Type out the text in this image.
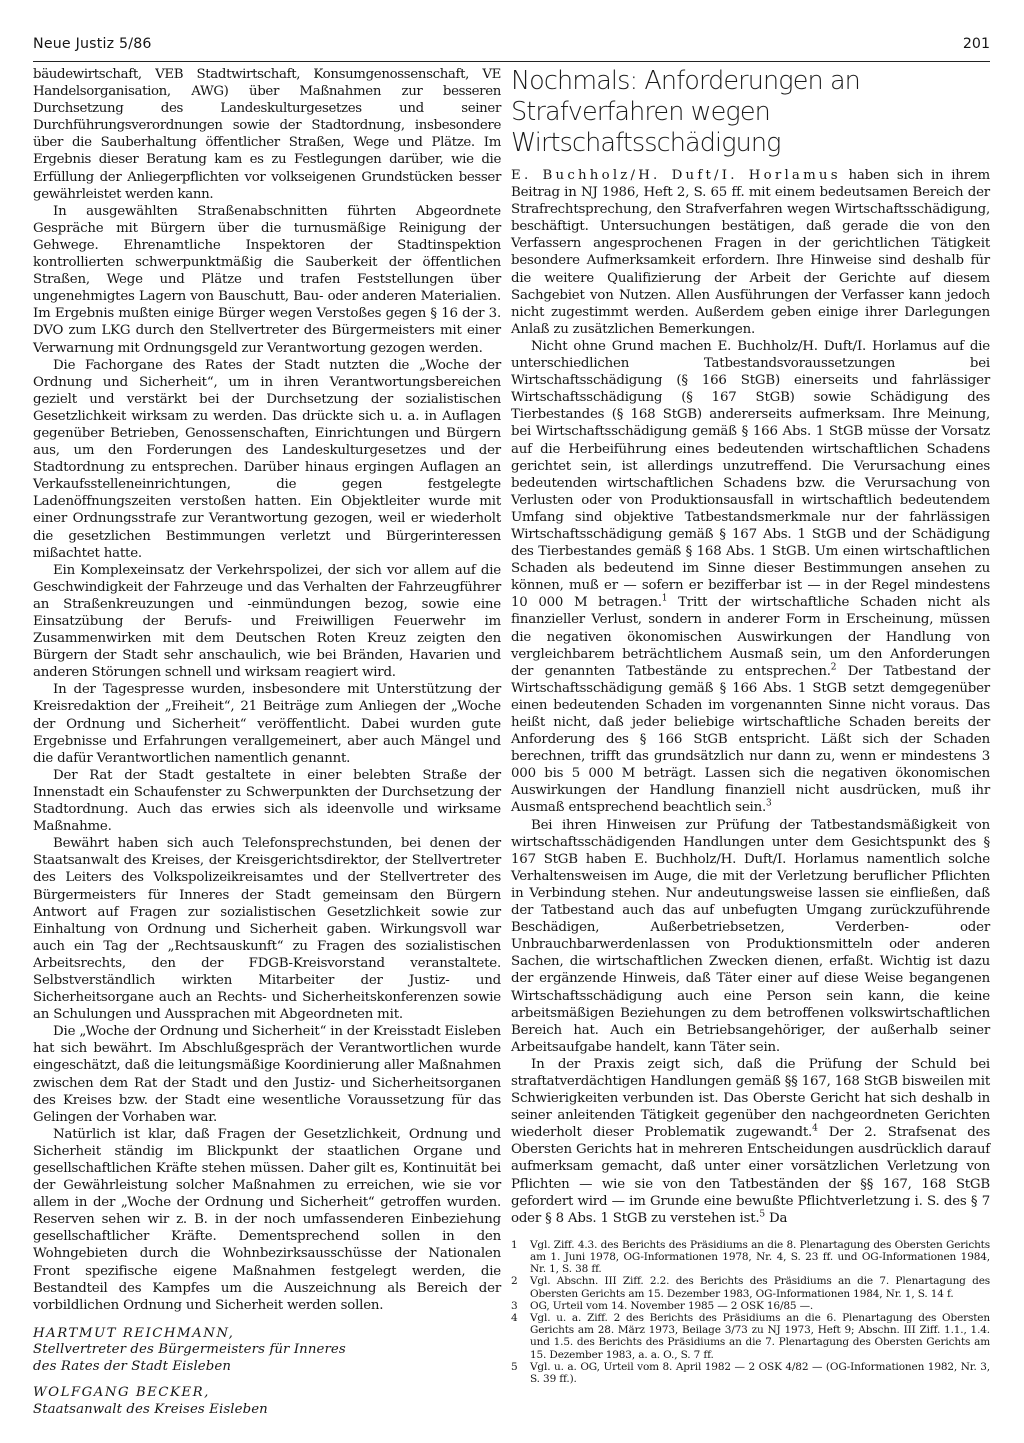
Neue Justiz 5/86	201

bäudewirtschaft, VEB Stadtwirtschaft, Konsumgenossenschaft, VE Handelsorganisation, AWG) über Maßnahmen zur besseren Durchsetzung des Landeskulturgesetzes und seiner Durchführungsverordnungen sowie der Stadtordnung, insbesondere über die Sauberhaltung öffentlicher Straßen, Wege und Plätze. Im Ergebnis dieser Beratung kam es zu Festlegungen darüber, wie die Erfüllung der Anliegerpflichten vor volkseigenen Grundstücken besser gewährleistet werden kann.

In ausgewählten Straßenabschnitten führten Abgeordnete Gespräche mit Bürgern über die turnusmäßige Reinigung der Gehwege. Ehrenamtliche Inspektoren der Stadtinspektion kontrollierten schwerpunktmäßig die Sauberkeit der öffentlichen Straßen, Wege und Plätze und trafen Feststellungen über ungenehmigtes Lagern von Bauschutt, Bau- oder anderen Materialien. Im Ergebnis mußten einige Bürger wegen Verstoßes gegen § 16 der 3. DVO zum LKG durch den Stellvertreter des Bürgermeisters mit einer Verwarnung mit Ordnungsgeld zur Verantwortung gezogen werden.

Die Fachorgane des Rates der Stadt nutzten die „Woche der Ordnung und Sicherheit“, um in ihren Verantwortungsbereichen gezielt und verstärkt bei der Durchsetzung der sozialistischen Gesetzlichkeit wirksam zu werden. Das drückte sich u. a. in Auflagen gegenüber Betrieben, Genossenschaften, Einrichtungen und Bürgern aus, um den Forderungen des Landeskulturgesetzes und der Stadtordnung zu entsprechen. Darüber hinaus ergingen Auflagen an Verkaufsstelleneinrichtungen, die gegen festgelegte Ladenöffnungszeiten verstoßen hatten. Ein Objektleiter wurde mit einer Ordnungsstrafe zur Verantwortung gezogen, weil er wiederholt die gesetzlichen Bestimmungen verletzt und Bürgerinteressen mißachtet hatte.

Ein Komplexeinsatz der Verkehrspolizei, der sich vor allem auf die Geschwindigkeit der Fahrzeuge und das Verhalten der Fahrzeugführer an Straßenkreuzungen und -einmündungen bezog, sowie eine Einsatzübung der Berufs- und Freiwilligen Feuerwehr im Zusammenwirken mit dem Deutschen Roten Kreuz zeigten den Bürgern der Stadt sehr anschaulich, wie bei Bränden, Havarien und anderen Störungen schnell und wirksam reagiert wird.

In der Tagespresse wurden, insbesondere mit Unterstützung der Kreisredaktion der „Freiheit“, 21 Beiträge zum Anliegen der „Woche der Ordnung und Sicherheit“ veröffentlicht. Dabei wurden gute Ergebnisse und Erfahrungen verallgemeinert, aber auch Mängel und die dafür Verantwortlichen namentlich genannt.

Der Rat der Stadt gestaltete in einer belebten Straße der Innenstadt ein Schaufenster zu Schwerpunkten der Durchsetzung der Stadtordnung. Auch das erwies sich als ideenvolle und wirksame Maßnahme.

Bewährt haben sich auch Telefonsprechstunden, bei denen der Staatsanwalt des Kreises, der Kreisgerichtsdirektor, der Stellvertreter des Leiters des Volkspolizeikreisamtes und der Stellvertreter des Bürgermeisters für Inneres der Stadt gemeinsam den Bürgern Antwort auf Fragen zur sozialistischen Gesetzlichkeit sowie zur Einhaltung von Ordnung und Sicherheit gaben. Wirkungsvoll war auch ein Tag der „Rechtsauskunft“ zu Fragen des sozialistischen Arbeitsrechts, den der FDGB-Kreisvorstand veranstaltete. Selbstverständlich wirkten Mitarbeiter der Justiz- und Sicherheitsorgane auch an Rechts- und Sicherheitskonferenzen sowie an Schulungen und Aussprachen mit Abgeordneten mit.

Die „Woche der Ordnung und Sicherheit“ in der Kreisstadt Eisleben hat sich bewährt. Im Abschlußgespräch der Verantwortlichen wurde eingeschätzt, daß die leitungsmäßige Koordinierung aller Maßnahmen zwischen dem Rat der Stadt und den Justiz- und Sicherheitsorganen des Kreises bzw. der Stadt eine wesentliche Voraussetzung für das Gelingen der Vorhaben war.

Natürlich ist klar, daß Fragen der Gesetzlichkeit, Ordnung und Sicherheit ständig im Blickpunkt der staatlichen Organe und gesellschaftlichen Kräfte stehen müssen. Daher gilt es, Kontinuität bei der Gewährleistung solcher Maßnahmen zu erreichen, wie sie vor allem in der „Woche der Ordnung und Sicherheit“ getroffen wurden. Reserven sehen wir z. B. in der noch umfassenderen Einbeziehung gesellschaftlicher Kräfte. Dementsprechend sollen in den Wohngebieten durch die Wohnbezirksausschüsse der Nationalen Front spezifische eigene Maßnahmen festgelegt werden, die Bestandteil des Kampfes um die Auszeichnung als Bereich der vorbildlichen Ordnung und Sicherheit werden sollen.

HARTMUT REICHMANN,

Stellvertreter des Bürgermeisters für Inneres

des Rates der Stadt Eisleben

WOLFGANG BECKER,

Staatsanwalt des Kreises Eisleben

Nochmals: Anforderungen an
Strafverfahren wegen Wirtschaftsschädigung

E. Buchholz/H. Duft/I. Horlamus haben sich in ihrem Beitrag in NJ 1986, Heft 2, S. 65 ff. mit einem bedeutsamen Bereich der Strafrechtsprechung, den Strafverfahren wegen Wirtschaftsschädigung, beschäftigt. Untersuchungen bestätigen, daß gerade die von den Verfassern angesprochenen Fragen in der gerichtlichen Tätigkeit besondere Aufmerksamkeit erfordern. Ihre Hinweise sind deshalb für die weitere Qualifizierung der Arbeit der Gerichte auf diesem Sachgebiet von Nutzen. Allen Ausführungen der Verfasser kann jedoch nicht zugestimmt werden. Außerdem geben einige ihrer Darlegungen Anlaß zu zusätzlichen Bemerkungen.

Nicht ohne Grund machen E. Buchholz/H. Duft/I. Horlamus auf die unterschiedlichen Tatbestandsvoraussetzungen bei Wirtschaftsschädigung (§ 166 StGB) einerseits und fahrlässiger Wirtschaftsschädigung (§ 167 StGB) sowie Schädigung des Tierbestandes (§ 168 StGB) andererseits aufmerksam. Ihre Meinung, bei Wirtschaftsschädigung gemäß § 166 Abs. 1 StGB müsse der Vorsatz auf die Herbeiführung eines bedeutenden wirtschaftlichen Schadens gerichtet sein, ist allerdings unzutreffend. Die Verursachung eines bedeutenden wirtschaftlichen Schadens bzw. die Verursachung von Verlusten oder von Produktionsausfall in wirtschaftlich bedeutendem Umfang sind objektive Tatbestandsmerkmale nur der fahrlässigen Wirtschaftsschädigung gemäß § 167 Abs. 1 StGB und der Schädigung des Tierbestandes gemäß § 168 Abs. 1 StGB. Um einen wirtschaftlichen Schaden als bedeutend im Sinne dieser Bestimmungen ansehen zu können, muß er — sofern er bezifferbar ist — in der Regel mindestens 10 000 M betragen.$^1$ Tritt der wirtschaftliche Schaden nicht als finanzieller Verlust, sondern in anderer Form in Erscheinung, müssen die negativen ökonomischen Auswirkungen der Handlung von vergleichbarem beträchtlichem Ausmaß sein, um den Anforderungen der genannten Tatbestände zu entsprechen.$^2$ Der Tatbestand der Wirtschaftsschädigung gemäß § 166 Abs. 1 StGB setzt demgegenüber einen bedeutenden Schaden im vorgenannten Sinne nicht voraus. Das heißt nicht, daß jeder beliebige wirtschaftliche Schaden bereits der Anforderung des § 166 StGB entspricht. Läßt sich der Schaden berechnen, trifft das grundsätzlich nur dann zu, wenn er mindestens 3 000 bis 5 000 M beträgt. Lassen sich die negativen ökonomischen Auswirkungen der Handlung finanziell nicht ausdrücken, muß ihr Ausmaß entsprechend beachtlich sein.$^3$

Bei ihren Hinweisen zur Prüfung der Tatbestandsmäßigkeit von wirtschaftsschädigenden Handlungen unter dem Gesichtspunkt des § 167 StGB haben E. Buchholz/H. Duft/I. Horlamus namentlich solche Verhaltensweisen im Auge, die mit der Verletzung beruflicher Pflichten in Verbindung stehen. Nur andeutungsweise lassen sie einfließen, daß der Tatbestand auch das auf unbefugten Umgang zurückzuführende Beschädigen, Außerbetriebsetzen, Verderben- oder Unbrauchbarwerdenlassen von Produktionsmitteln oder anderen Sachen, die wirtschaftlichen Zwecken dienen, erfaßt. Wichtig ist dazu der ergänzende Hinweis, daß Täter einer auf diese Weise begangenen Wirtschaftsschädigung auch eine Person sein kann, die keine arbeitsmäßigen Beziehungen zu dem betroffenen volkswirtschaftlichen Bereich hat. Auch ein Betriebsangehöriger, der außerhalb seiner Arbeitsaufgabe handelt, kann Täter sein.

In der Praxis zeigt sich, daß die Prüfung der Schuld bei straftatverdächtigen Handlungen gemäß §§ 167, 168 StGB bisweilen mit Schwierigkeiten verbunden ist. Das Oberste Gericht hat sich deshalb in seiner anleitenden Tätigkeit gegenüber den nachgeordneten Gerichten wiederholt dieser Problematik zugewandt.$^4$ Der 2. Strafsenat des Obersten Gerichts hat in mehreren Entscheidungen ausdrücklich darauf aufmerksam gemacht, daß unter einer vorsätzlichen Verletzung von Pflichten — wie sie von den Tatbeständen der §§ 167, 168 StGB gefordert wird — im Grunde eine bewußte Pflichtverletzung i. S. des § 7 oder § 8 Abs. 1 StGB zu verstehen ist.$^5$ Da

1	Vgl. Ziff. 4.3. des Berichts des Präsidiums an die 8. Plenartagung des Obersten Gerichts am 1. Juni 1978, OG-Informationen 1978, Nr. 4, S. 23 ff. und OG-Informationen 1984, Nr. 1, S. 38 ff.
2	Vgl. Abschn. III Ziff. 2.2. des Berichts des Präsidiums an die 7. Plenartagung des Obersten Gerichts am 15. Dezember 1983, OG-Informationen 1984, Nr. 1, S. 14 f.
3	OG, Urteil vom 14. November 1985 — 2 OSK 16/85 —.
4	Vgl. u. a. Ziff. 2 des Berichts des Präsidiums an die 6. Plenartagung des Obersten Gerichts am 28. März 1973, Beilage 3/73 zu NJ 1973, Heft 9; Abschn. III Ziff. 1.1., 1.4. und 1.5. des Berichts des Präsidiums an die 7. Plenartagung des Obersten Gerichts am 15. Dezember 1983, a. a. O., S. 7 ff.
5	Vgl. u. a. OG, Urteil vom 8. April 1982 — 2 OSK 4/82 — (OG-Informationen 1982, Nr. 3, S. 39 ff.).
